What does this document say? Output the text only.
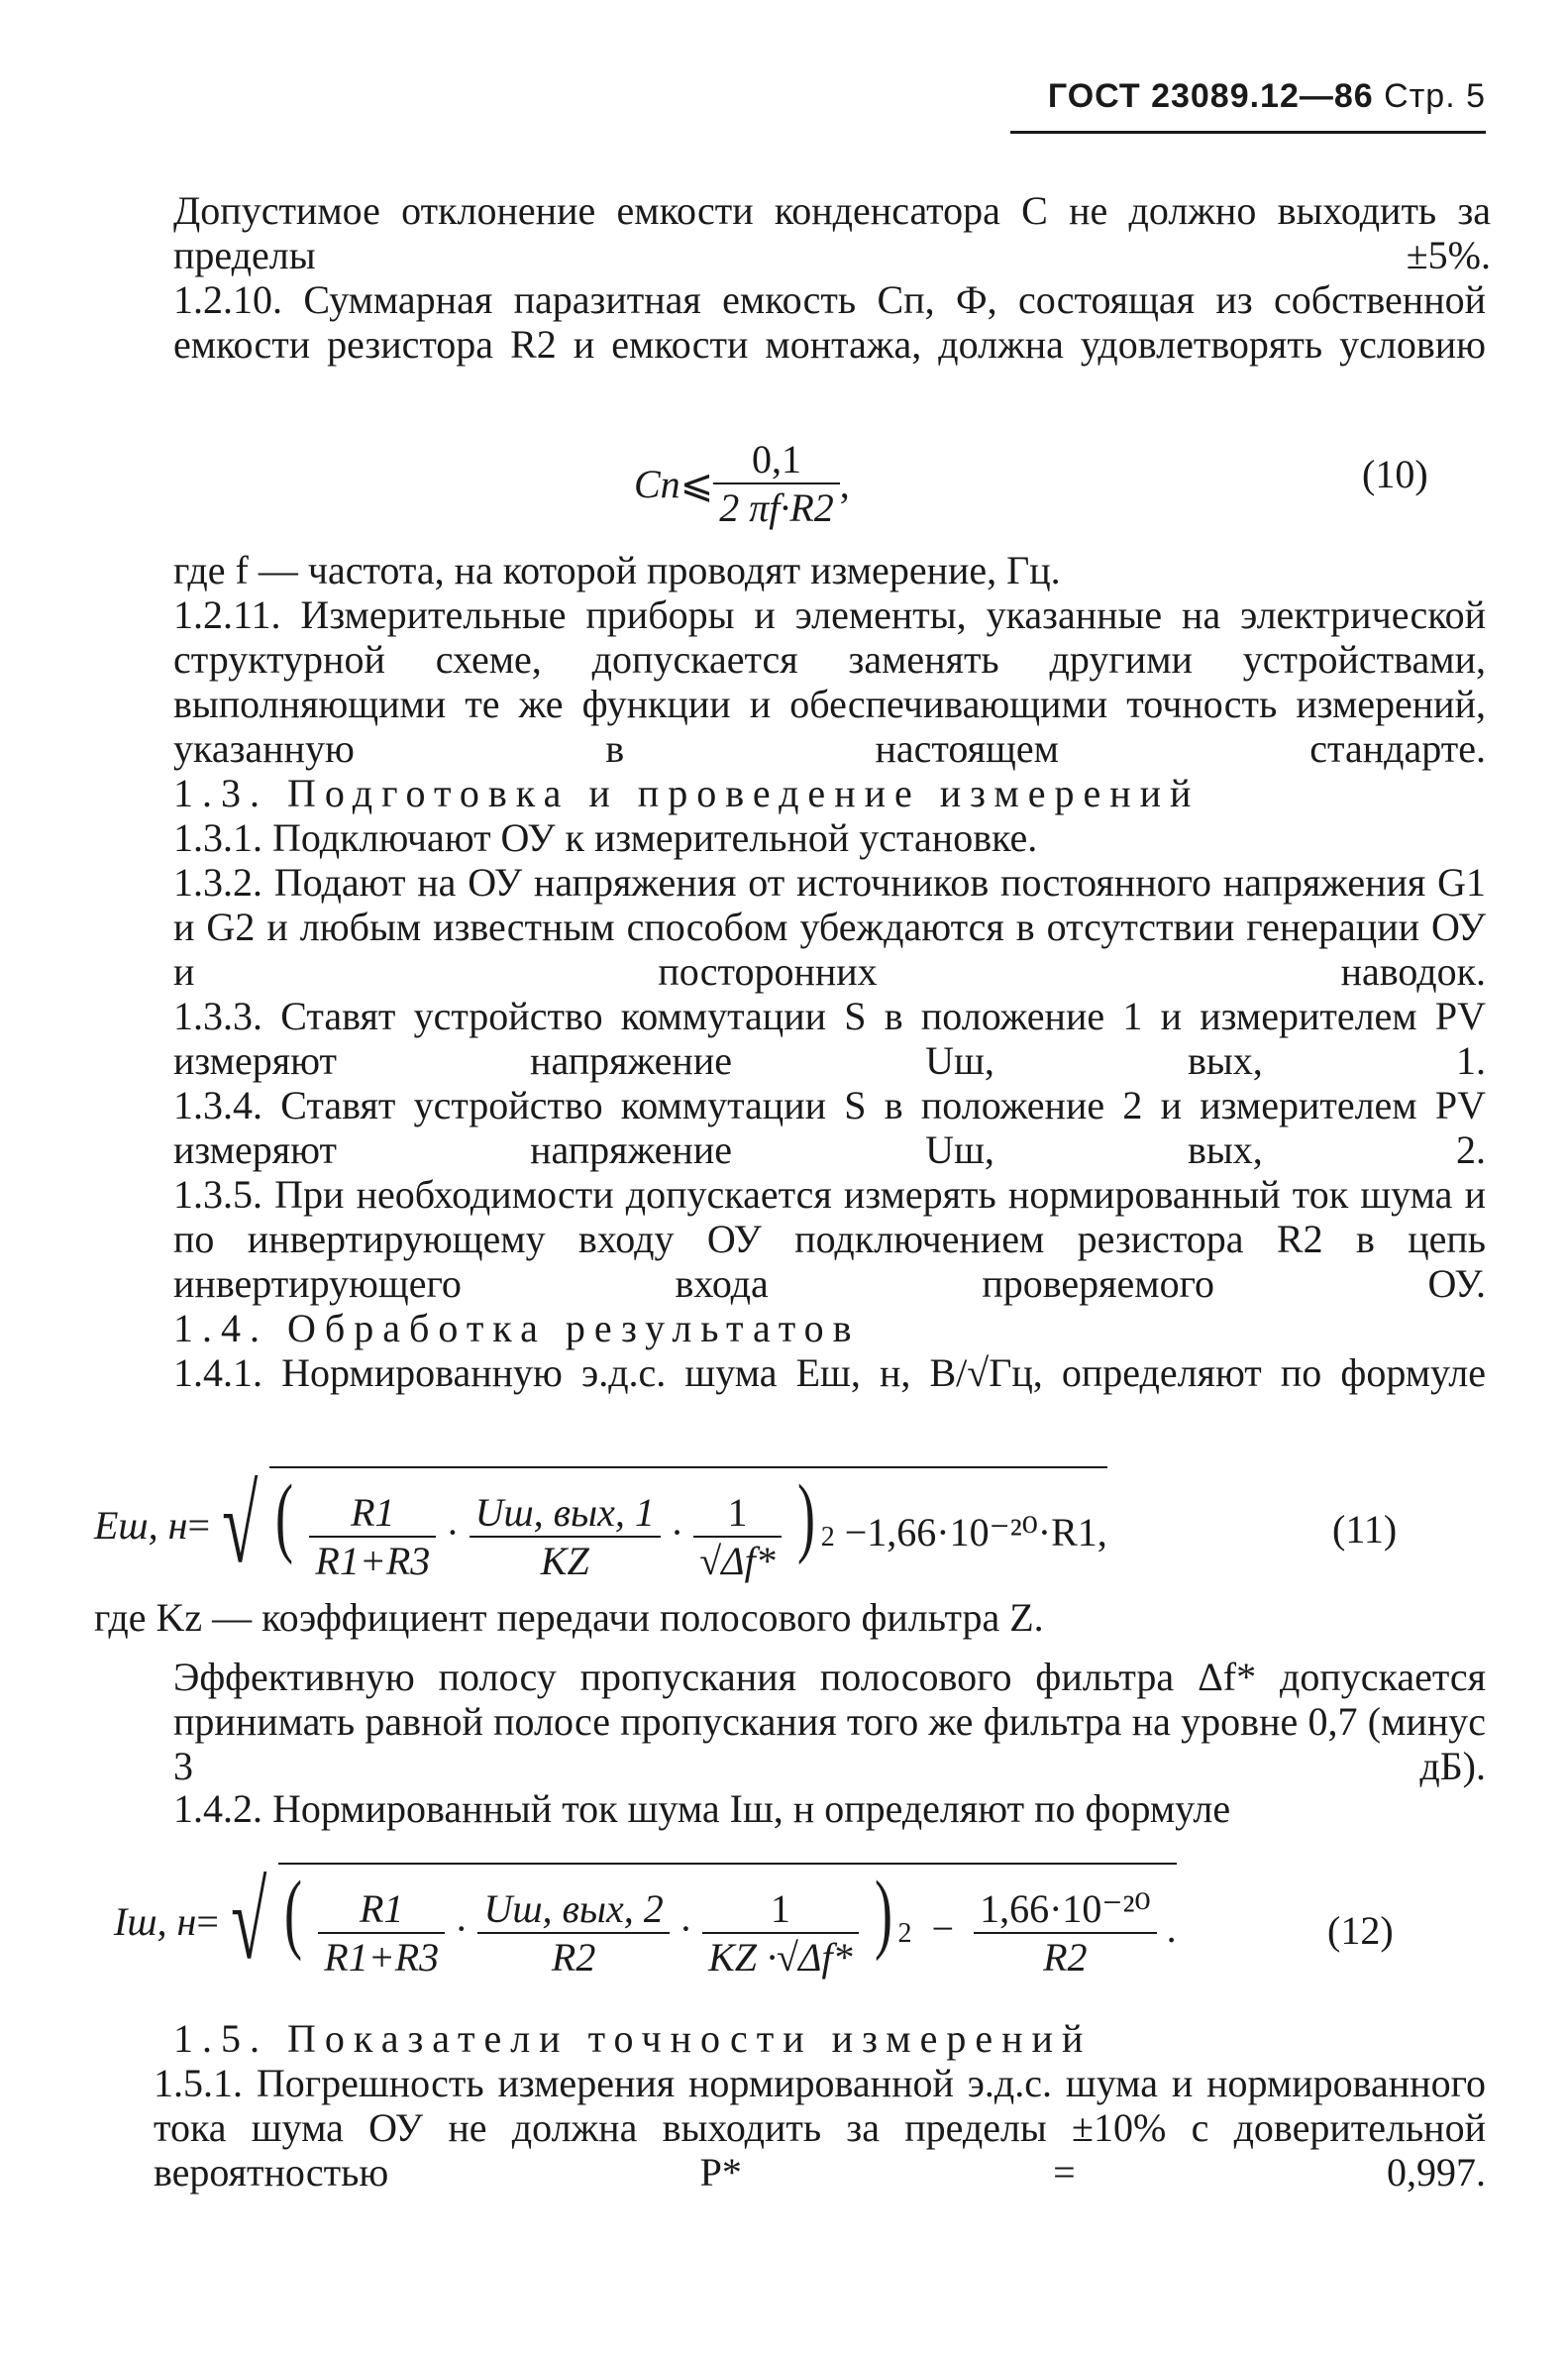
ГОСТ 23089.12—86 Стр. 5

Допустимое отклонение емкости конденсатора C не должно выходить за пределы ±5%.

1.2.10. Суммарная паразитная емкость Cп, Ф, состоящая из собственной емкости резистора R2 и емкости монтажа, должна удовлетворять условию

Cп ⩽ $\frac{0,1}{2 \pi f\cdot R2}$ ,	(10)

где f — частота, на которой проводят измерение, Гц.

1.2.11. Измерительные приборы и элементы, указанные на электрической структурной схеме, допускается заменять другими устройствами, выполняющими те же функции и обеспечивающими точность измерений, указанную в настоящем стандарте.

1.3. Подготовка и проведение измерений

1.3.1. Подключают ОУ к измерительной установке.

1.3.2. Подают на ОУ напряжения от источников постоянного напряжения G1 и G2 и любым известным способом убеждаются в отсутствии генерации ОУ и посторонних наводок.

1.3.3. Ставят устройство коммутации S в положение 1 и измерителем PV измеряют напряжение Uш, вых, 1.

1.3.4. Ставят устройство коммутации S в положение 2 и измерителем PV измеряют напряжение Uш, вых, 2.

1.3.5. При необходимости допускается измерять нормированный ток шума и по инвертирующему входу ОУ подключением резистора R2 в цепь инвертирующего входа проверяемого ОУ.

1.4. Обработка результатов

1.4.1. Нормированную э.д.с. шума Eш, н, В/√Гц, определяют по формуле

Eш, н = √ ( $\frac{R1}{R1+R3} \cdot \frac{\text{Uш, вых, 1}}{KZ} \cdot \frac{1}{√\Delta f*}$ ) 2 −1,66·10⁻²⁰·R1,	(11)

где Kz — коэффициент передачи полосового фильтра Z.

Эффективную полосу пропускания полосового фильтра Δf* допускается принимать равной полосе пропускания того же фильтра на уровне 0,7 (минус 3 дБ).

1.4.2. Нормированный ток шума Iш, н определяют по формуле

Iш, н = √ ( $\frac{R1}{R1+R3} \cdot \frac{\text{Uш, вых, 2}}{R2} \cdot \frac{1}{KZ \cdot√\Delta f*}$ ) $2 - \frac{\text{1,66·10⁻²⁰}}{R2}$ .	(12)

1.5. Показатели точности измерений

1.5.1. Погрешность измерения нормированной э.д.с. шума и нормированного тока шума ОУ не должна выходить за пределы ±10% с доверительной вероятностью P* = 0,997.
